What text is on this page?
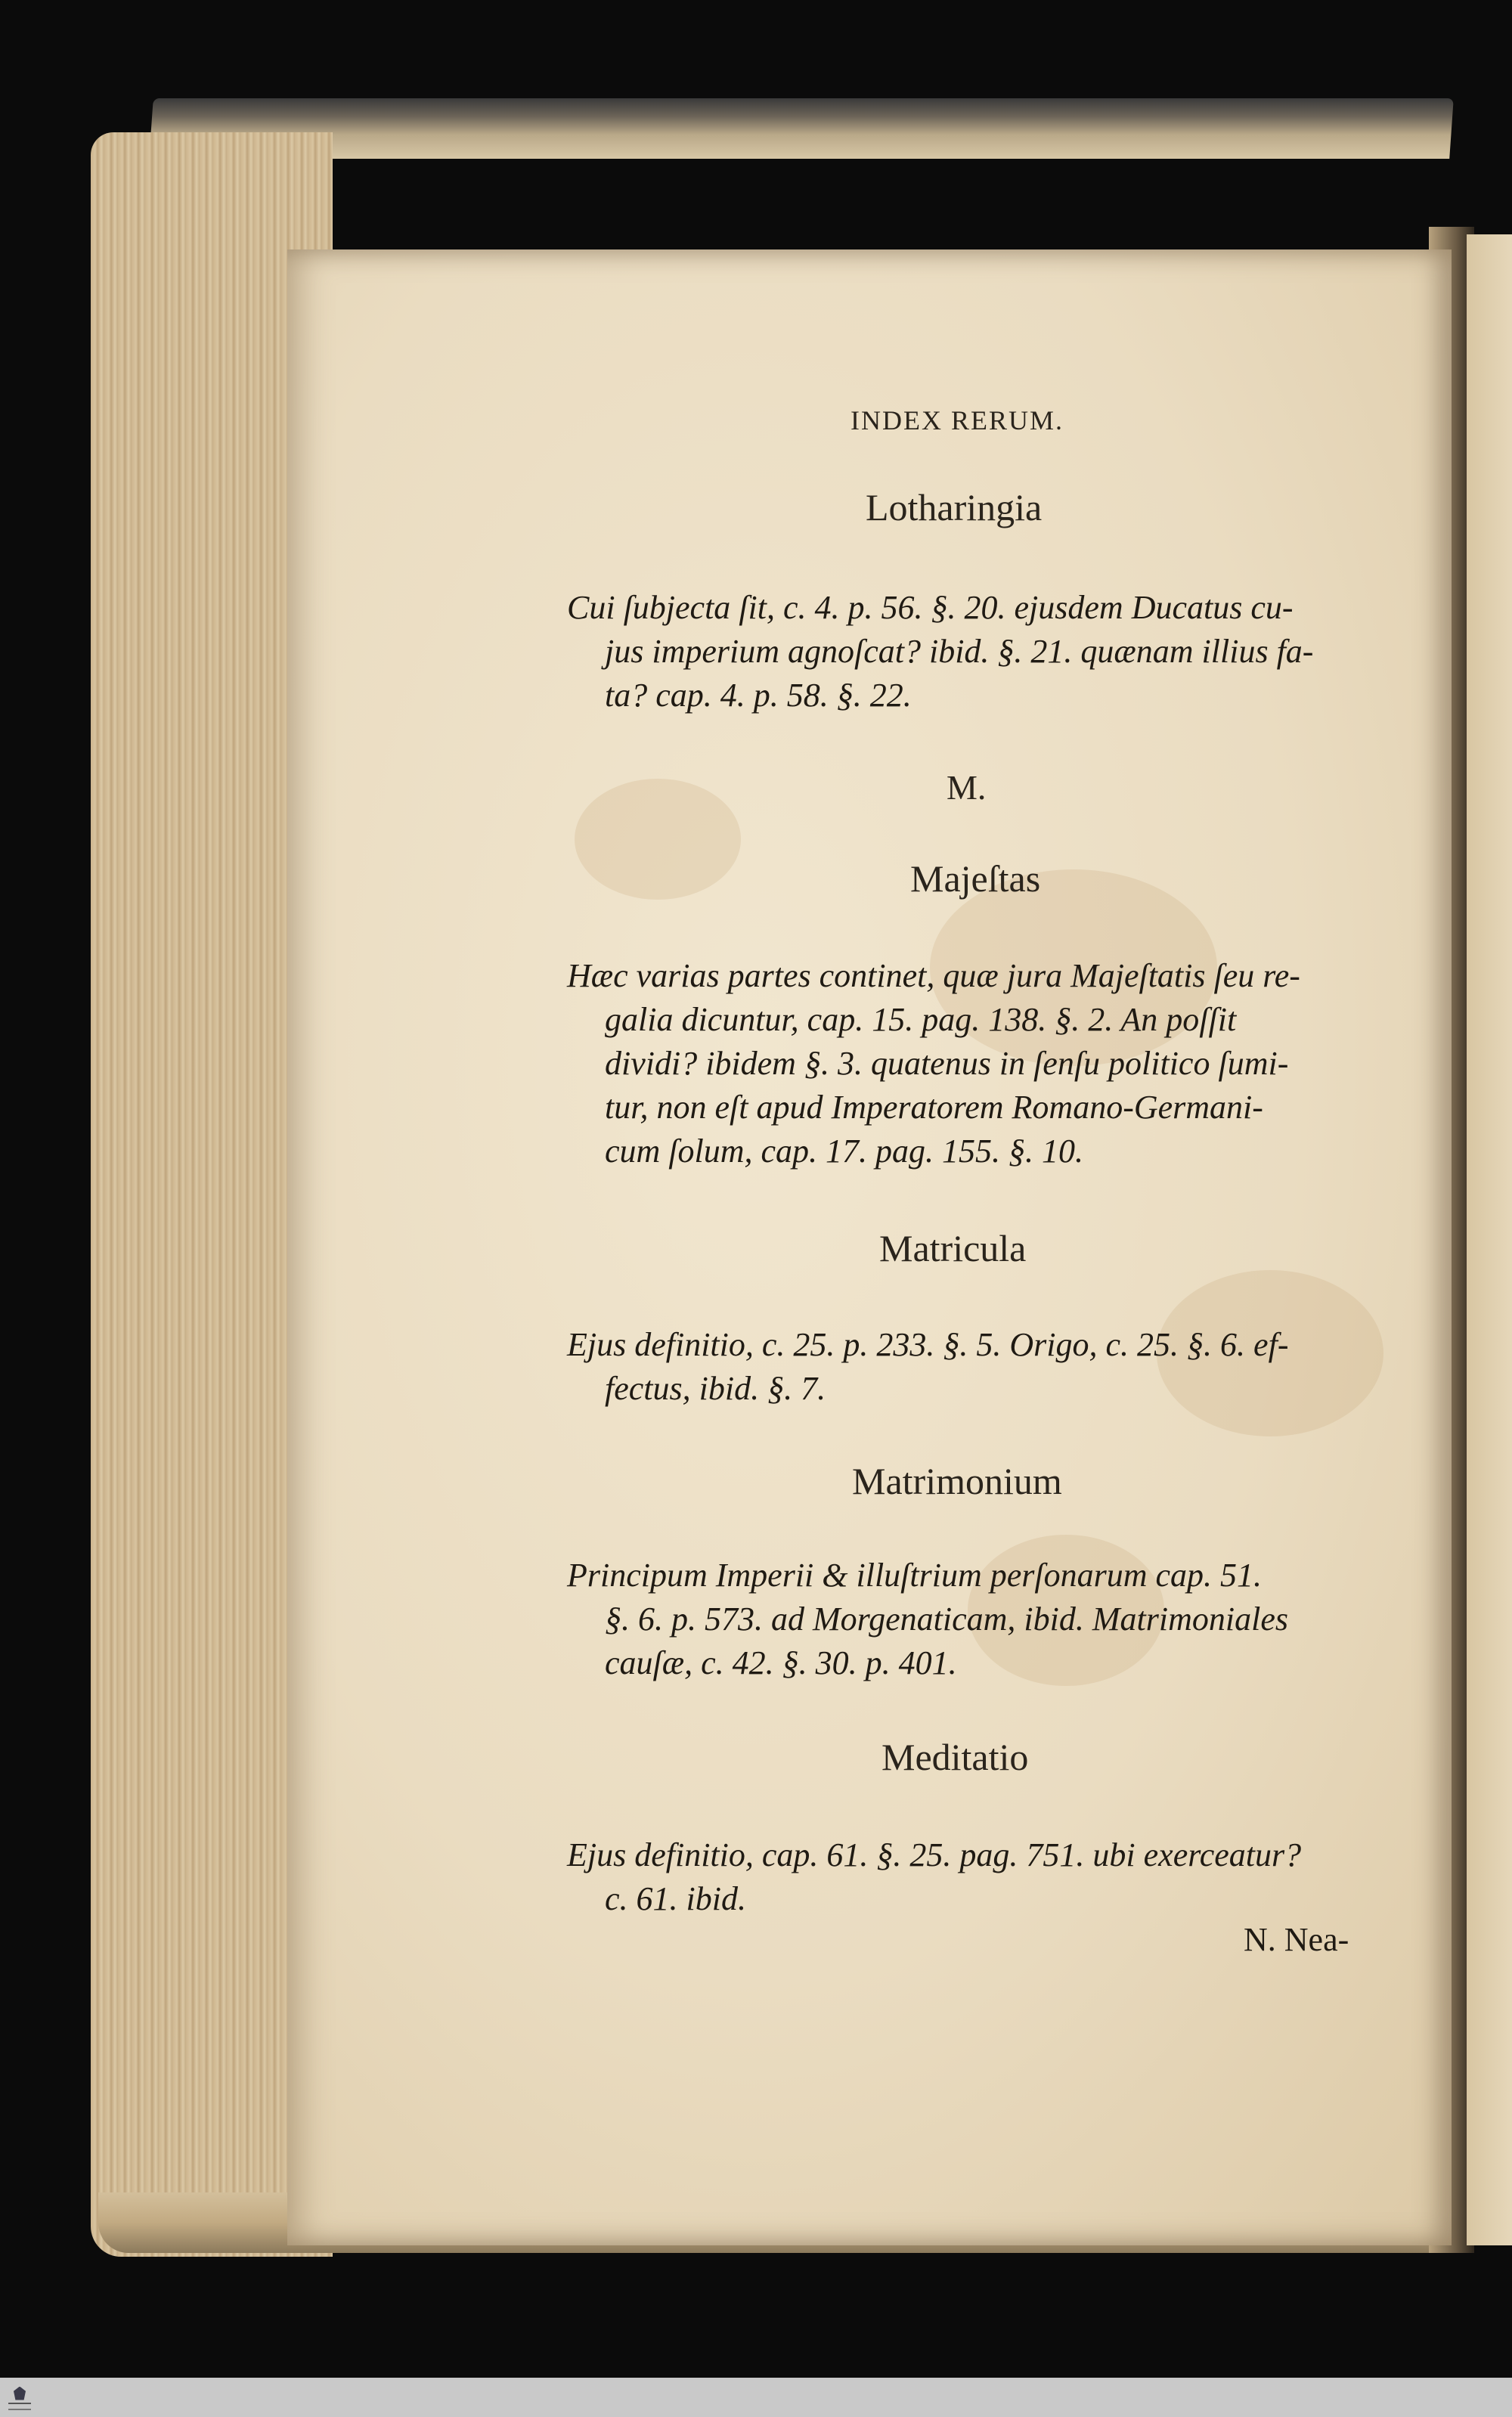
INDEX RERUM.
Lotharingia
Cui ſubjecta ſit, c. 4. p. 56. §. 20. ejusdem Ducatus cu-
jus imperium agnoſcat? ibid. §. 21. quænam illius fa-
ta? cap. 4. p. 58. §. 22.
M.
Majeſtas
Hæc varias partes continet, quæ jura Majeſtatis ſeu re-
galia dicuntur, cap. 15. pag. 138. §. 2. An poſſit
dividi? ibidem §. 3. quatenus in ſenſu politico ſumi-
tur, non eſt apud Imperatorem Romano-Germani-
cum ſolum, cap. 17. pag. 155. §. 10.
Matricula
Ejus definitio, c. 25. p. 233. §. 5. Origo, c. 25. §. 6. ef-
fectus, ibid. §. 7.
Matrimonium
Principum Imperii & illuſtrium perſonarum cap. 51.
§. 6. p. 573. ad Morgenaticam, ibid. Matrimoniales
cauſæ, c. 42. §. 30. p. 401.
Meditatio
Ejus definitio, cap. 61. §. 25. pag. 751. ubi exerceatur?
c. 61. ibid.
N. Nea-
